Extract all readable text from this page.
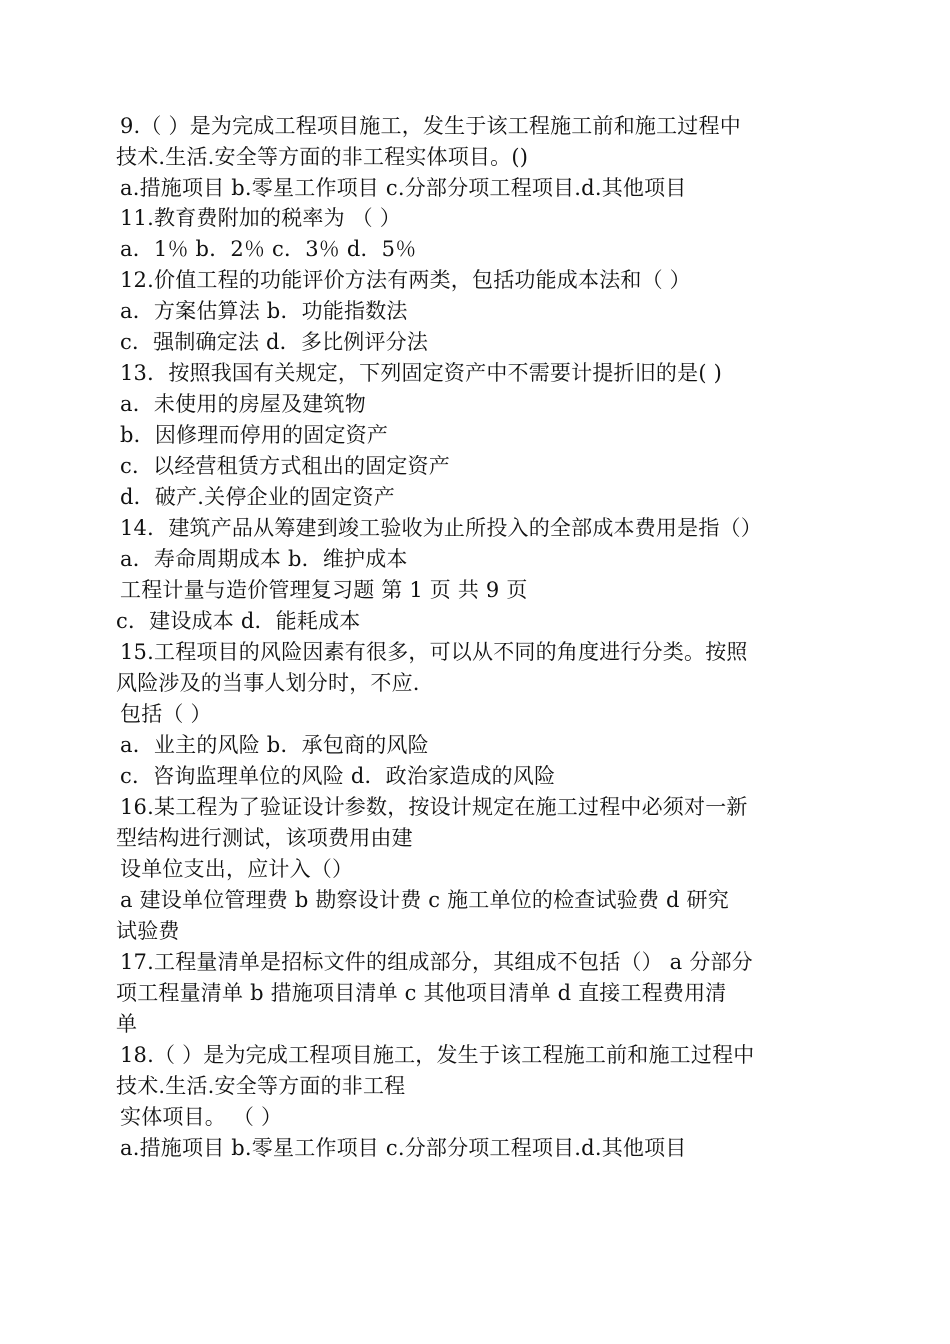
9.（ ）是为完成工程项目施工，发生于该工程施工前和施工过程中
技术.生活.安全等方面的非工程实体项目。()
a.措施项目 b.零星工作项目 c.分部分项工程项目.d.其他项目
11.教育费附加的税率为 （ ）
a．1％ b．2％ c．3％ d．5％
12.价值工程的功能评价方法有两类，包括功能成本法和（ ）
a．方案估算法 b．功能指数法
c．强制确定法 d．多比例评分法
13．按照我国有关规定，下列固定资产中不需要计提折旧的是( )
a．未使用的房屋及建筑物
b．因修理而停用的固定资产
c．以经营租赁方式租出的固定资产
d．破产.关停企业的固定资产
14．建筑产品从筹建到竣工验收为止所投入的全部成本费用是指（）
a．寿命周期成本 b．维护成本
工程计量与造价管理复习题 第 1 页 共 9 页
c．建设成本 d．能耗成本
15.工程项目的风险因素有很多，可以从不同的角度进行分类。按照
风险涉及的当事人划分时，不应.
包括（ ）
a．业主的风险 b．承包商的风险
c．咨询监理单位的风险 d．政治家造成的风险
16.某工程为了验证设计参数，按设计规定在施工过程中必须对一新
型结构进行测试，该项费用由建
设单位支出，应计入（）
a 建设单位管理费 b 勘察设计费 c 施工单位的检查试验费 d 研究
试验费
17.工程量清单是招标文件的组成部分，其组成不包括（） a 分部分
项工程量清单 b 措施项目清单 c 其他项目清单 d 直接工程费用清
单
18.（ ）是为完成工程项目施工，发生于该工程施工前和施工过程中
技术.生活.安全等方面的非工程
实体项目。 （ ）
a.措施项目 b.零星工作项目 c.分部分项工程项目.d.其他项目
